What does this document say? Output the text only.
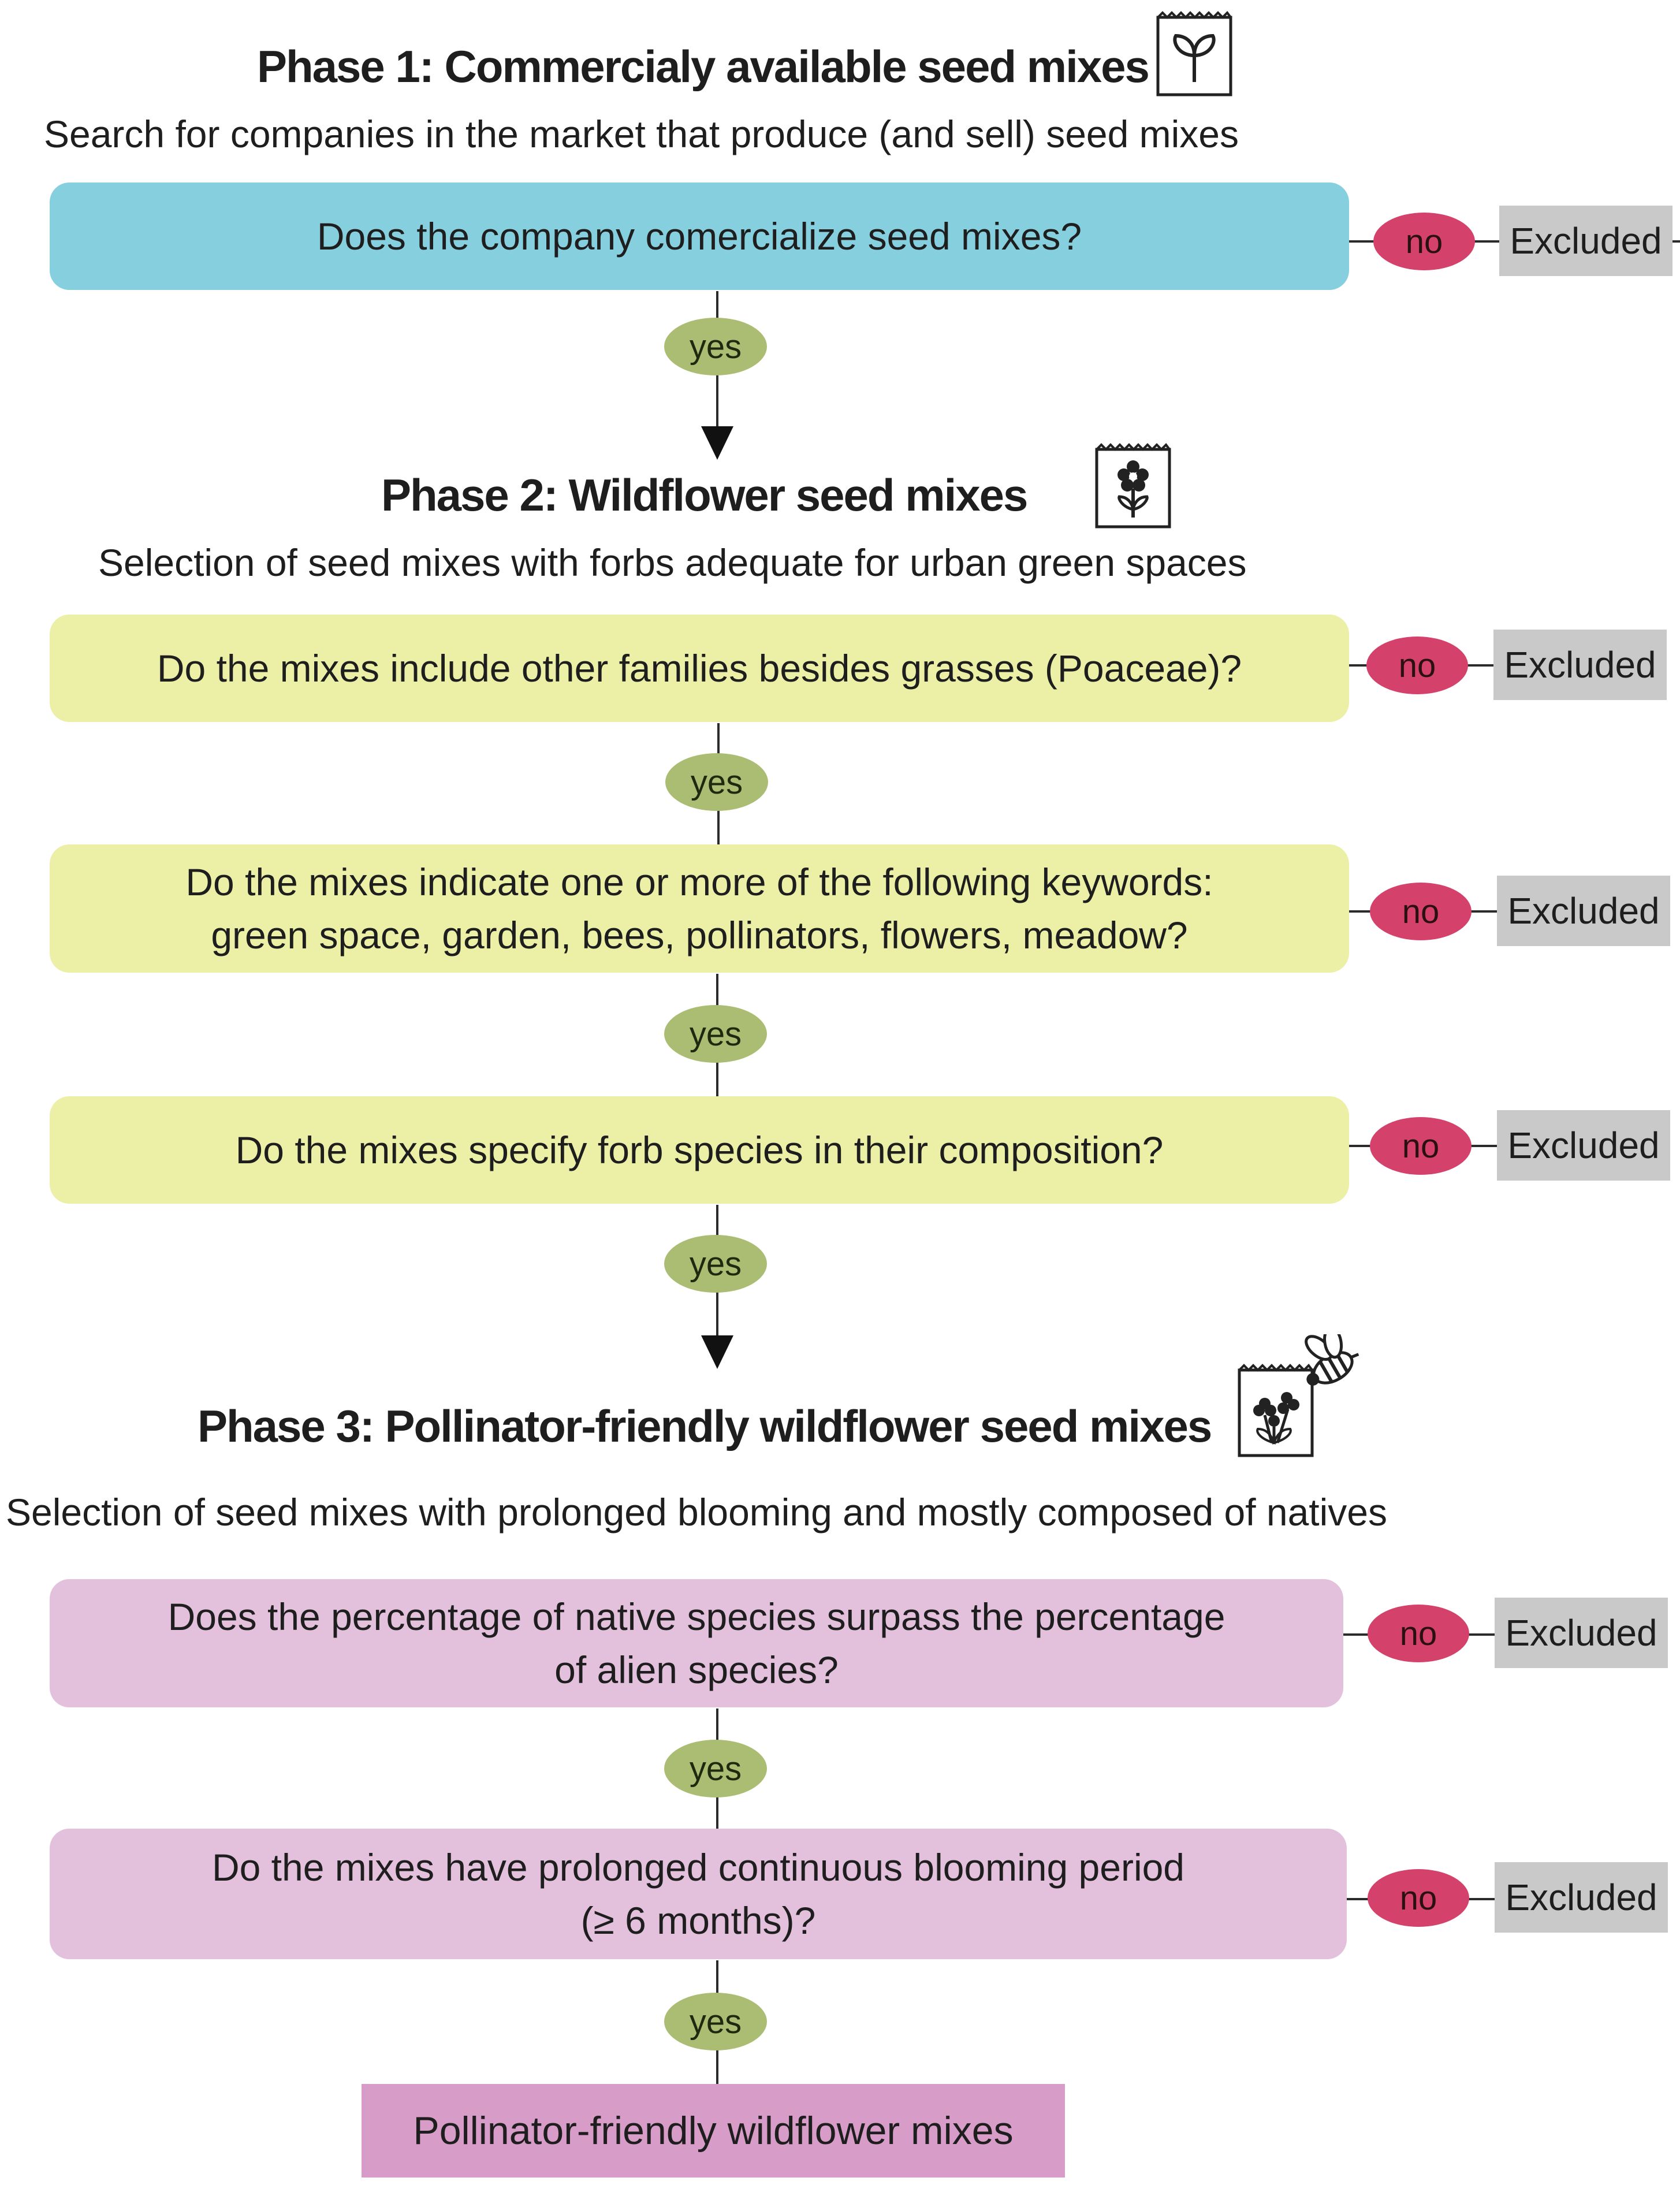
Phase 1: Commercialy available seed mixes
Search for companies in the market that produce (and sell) seed mixes
Does the company comercialize seed mixes?	no	Excluded
yes
Phase 2: Wildflower seed mixes
Selection of seed mixes with forbs adequate for urban green spaces
Do the mixes include other families besides grasses (Poaceae)?	no	Excluded
yes
Do the mixes indicate one or more of the following keywords:
green space, garden, bees, pollinators, flowers, meadow?
no	Excluded
yes
Do the mixes specify forb species in their composition?	no	Excluded
yes
Phase 3: Pollinator-friendly wildflower seed mixes
Selection of seed mixes with prolonged blooming and mostly composed of natives
Does the percentage of native species surpass the percentage
of alien species?
no	Excluded
yes
Do the mixes have prolonged continuous blooming period
(≥ 6 months)?
no	Excluded
yes
Pollinator-friendly wildflower mixes
